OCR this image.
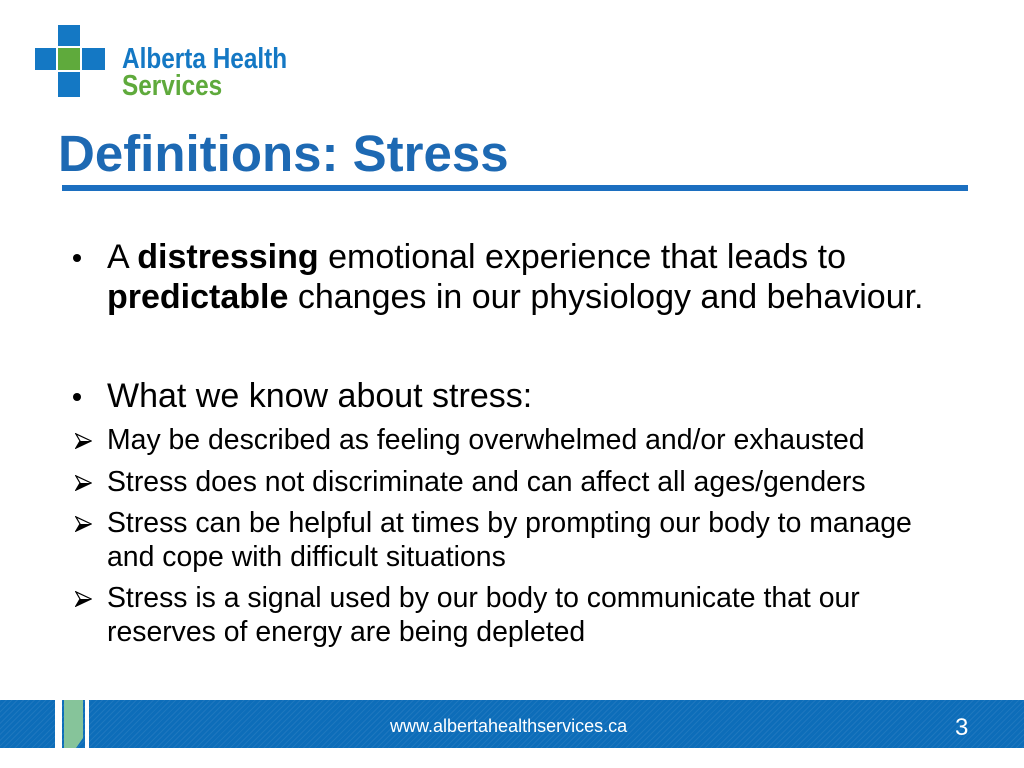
Alberta Health
Services
Definitions: Stress

A distressing emotional experience that leads to predictable changes in our physiology and behaviour.

What we know about stress:

May be described as feeling overwhelmed and/or exhausted
Stress does not discriminate and can affect all ages/genders
Stress can be helpful at times by prompting our body to manage and cope with difficult situations
Stress is a signal used by our body to communicate that our reserves of energy are being depleted
www.albertahealthservices.ca	3
